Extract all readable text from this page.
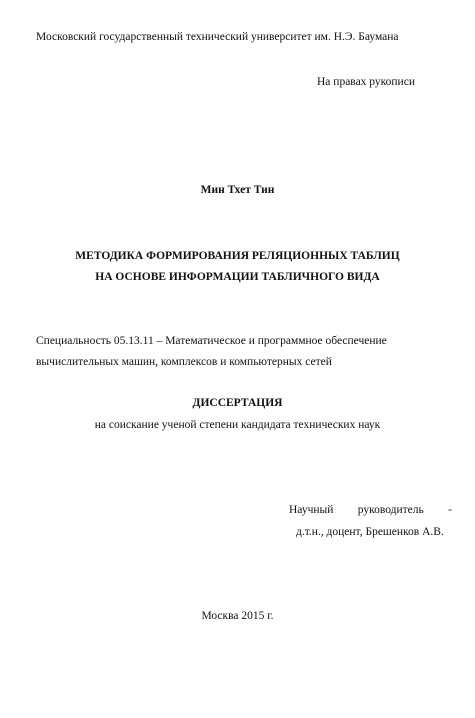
Московский государственный технический университет им. Н.Э. Баумана
На правах рукописи
Мин Тхет Тин
МЕТОДИКА ФОРМИРОВАНИЯ РЕЛЯЦИОННЫХ ТАБЛИЦ
НА ОСНОВЕ ИНФОРМАЦИИ ТАБЛИЧНОГО ВИДА
Специальность 05.13.11 – Математическое и программное обеспечение
вычислительных машин, комплексов и компьютерных сетей
ДИССЕРТАЦИЯ
на соискание ученой степени кандидата технических наук
Научный руководитель -
д.т.н., доцент, Брешенков А.В.
Москва 2015 г.
